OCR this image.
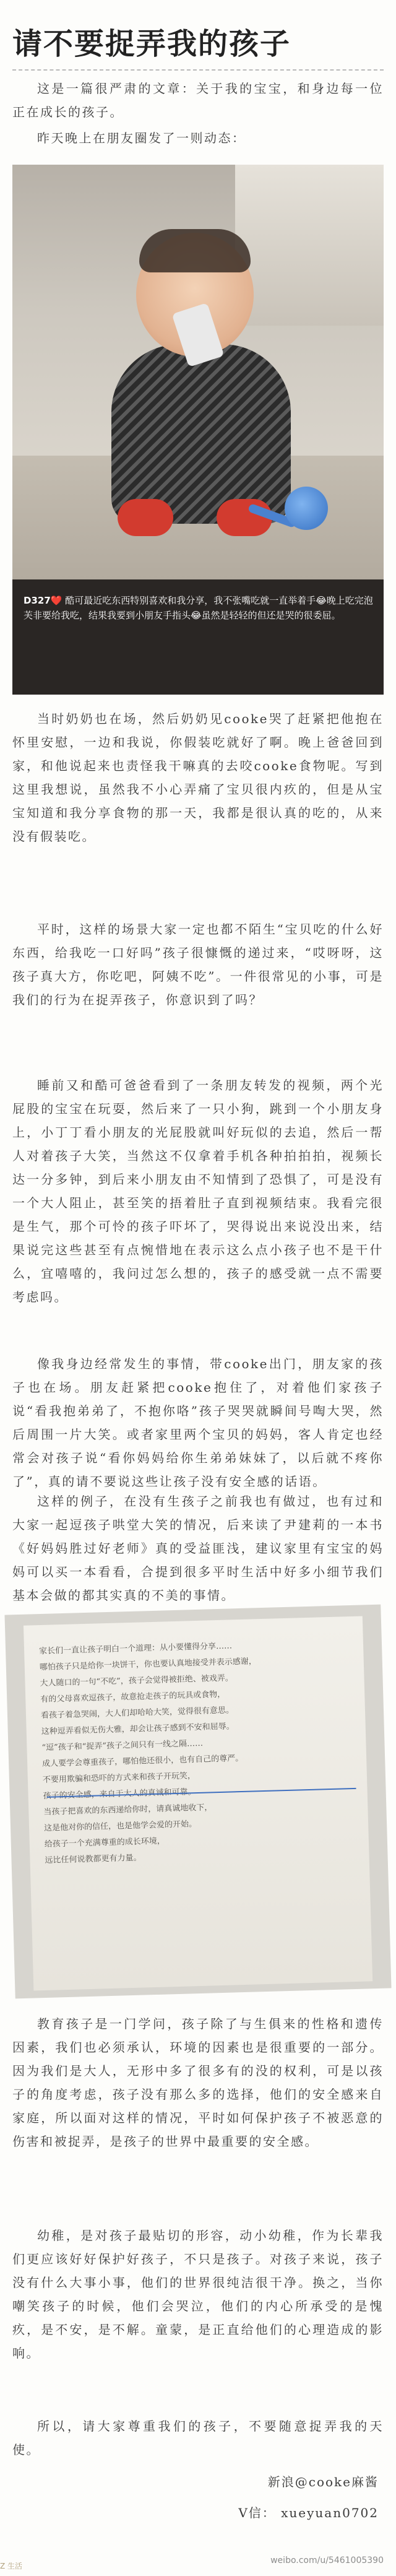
请不要捉弄我的孩子
这是一篇很严肃的文章：关于我的宝宝，和身边每一位正在成长的孩子。
昨天晚上在朋友圈发了一则动态：
D327❤️ 酷可最近吃东西特别喜欢和我分享，我不张嘴吃就一直举着手😂晚上吃完泡芙非要给我吃，结果我要到小朋友手指头😂虽然是轻轻的但还是哭的很委屈。
当时奶奶也在场，然后奶奶见cooke哭了赶紧把他抱在怀里安慰，一边和我说，你假装吃就好了啊。晚上爸爸回到家，和他说起来也责怪我干嘛真的去咬cooke食物呢。写到这里我想说，虽然我不小心弄痛了宝贝很内疚的，但是从宝宝知道和我分享食物的那一天，我都是很认真的吃的，从来没有假装吃。
平时，这样的场景大家一定也都不陌生“宝贝吃的什么好东西，给我吃一口好吗”孩子很慷慨的递过来，“哎呀呀，这孩子真大方，你吃吧，阿姨不吃”。一件很常见的小事，可是我们的行为在捉弄孩子，你意识到了吗？
睡前又和酷可爸爸看到了一条朋友转发的视频，两个光屁股的宝宝在玩耍，然后来了一只小狗，跳到一个小朋友身上，小丁丁看小朋友的光屁股就叫好玩似的去追，然后一帮人对着孩子大笑，当然这不仅拿着手机各种拍拍拍，视频长达一分多钟，到后来小朋友由不知情到了恐惧了，可是没有一个大人阻止，甚至笑的捂着肚子直到视频结束。我看完很是生气，那个可怜的孩子吓坏了，哭得说出来说没出来，结果说完这些甚至有点惋惜地在表示这么点小孩子也不是干什么，宜嘻嘻的，我问过怎么想的，孩子的感受就一点不需要考虑吗。
像我身边经常发生的事情，带cooke出门，朋友家的孩子也在场。朋友赶紧把cooke抱住了，对着他们家孩子说“看我抱弟弟了，不抱你咯”孩子哭哭就瞬间号啕大哭，然后周围一片大笑。或者家里两个宝贝的妈妈，客人肯定也经常会对孩子说“看你妈妈给你生弟弟妹妹了，以后就不疼你了”，真的请不要说这些让孩子没有安全感的话语。
这样的例子，在没有生孩子之前我也有做过，也有过和大家一起逗孩子哄堂大笑的情况，后来读了尹建莉的一本书《好妈妈胜过好老师》真的受益匪浅，建议家里有宝宝的妈妈可以买一本看看，合提到很多平时生活中好多小细节我们基本会做的都其实真的不美的事情。
家长们一直让孩子明白一个道理：从小要懂得分享……
哪怕孩子只是给你一块饼干，你也要认真地接受并表示感谢，
大人随口的一句“不吃”，孩子会觉得被拒绝、被戏弄。
有的父母喜欢逗孩子，故意抢走孩子的玩具或食物，
看孩子着急哭闹，大人们却哈哈大笑，觉得很有意思。
这种逗弄看似无伤大雅，却会让孩子感到不安和屈辱。
“逗”孩子和“捉弄”孩子之间只有一线之隔……
成人要学会尊重孩子，哪怕他还很小，也有自己的尊严。
不要用欺骗和恐吓的方式来和孩子开玩笑，
孩子的安全感，来自于大人的真诚和可靠。
当孩子把喜欢的东西递给你时，请真诚地收下，
这是他对你的信任，也是他学会爱的开始。
给孩子一个充满尊重的成长环境，
远比任何说教都更有力量。
教育孩子是一门学问，孩子除了与生俱来的性格和遗传因素，我们也必须承认，环境的因素也是很重要的一部分。因为我们是大人，无形中多了很多有的没的权利，可是以孩子的角度考虑，孩子没有那么多的选择，他们的安全感来自家庭，所以面对这样的情况，平时如何保护孩子不被恶意的伤害和被捉弄，是孩子的世界中最重要的安全感。
幼稚，是对孩子最贴切的形容，动小幼稚，作为长辈我们更应该好好保护好孩子，不只是孩子。对孩子来说，孩子没有什么大事小事，他们的世界很纯洁很干净。换之，当你嘲笑孩子的时候，他们会哭泣，他们的内心所承受的是愧疚，是不安，是不解。童蒙，是正直给他们的心理造成的影响。
所以，请大家尊重我们的孩子，不要随意捉弄我的天使。
新浪@cooke麻酱
V信： xueyuan0702
Z 生活
weibo.com/u/5461005390
